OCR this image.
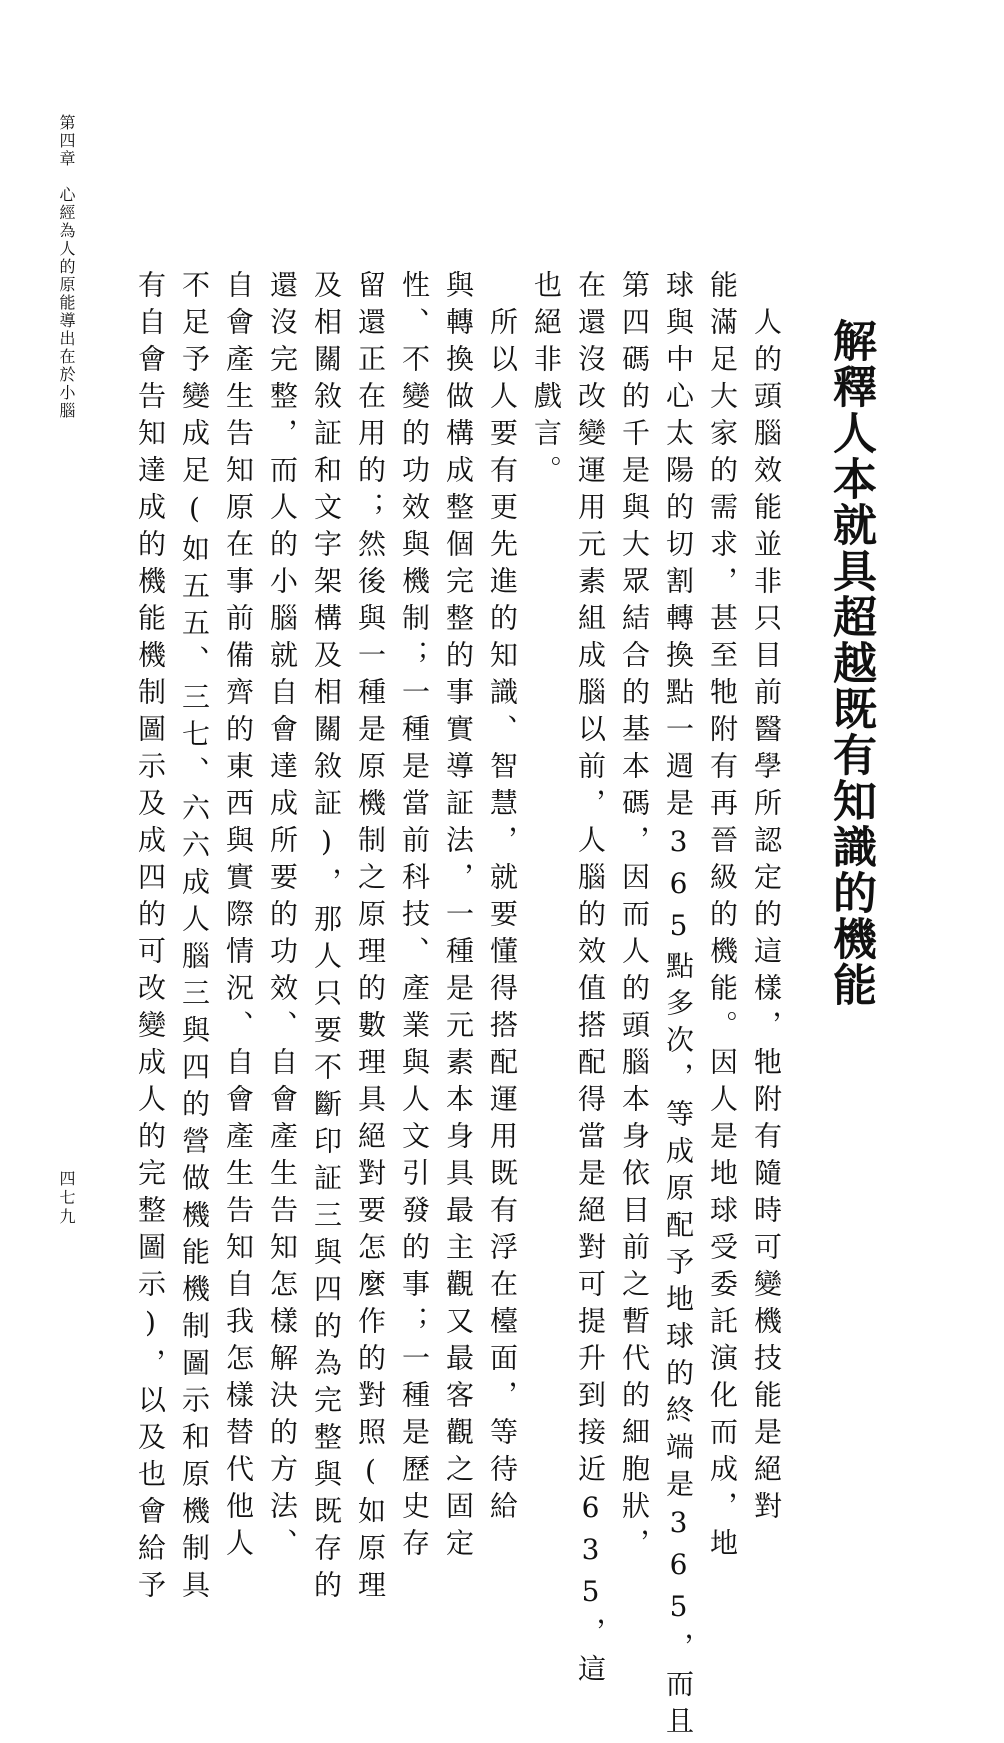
解釋人本就具超越既有知識的機能
　人的頭腦效能並非只目前醫學所認定的這樣，牠附有隨時可變機技能是絕對
能滿足大家的需求，甚至牠附有再晉級的機能。因人是地球受委託演化而成，地
球與中心太陽的切割轉換點一週是365點多次，等成原配予地球的終端是365，而且
第四碼的千是與大眾結合的基本碼，因而人的頭腦本身依目前之暫代的細胞狀，
在還沒改變運用元素組成腦以前，人腦的效值搭配得當是絕對可提升到接近635，這
也絕非戲言。
　所以人要有更先進的知識、智慧，就要懂得搭配運用既有浮在檯面，等待給
與轉換做構成整個完整的事實導証法，一種是元素本身具最主觀又最客觀之固定
性、不變的功效與機制；一種是當前科技、產業與人文引發的事；一種是歷史存
留還正在用的；然後與一種是原機制之原理的數理具絕對要怎麼作的對照(如原理
及相關敘証和文字架構及相關敘証)，那人只要不斷印証三與四的為完整與既存的
還沒完整，而人的小腦就自會達成所要的功效、自會產生告知怎樣解決的方法、
自會產生告知原在事前備齊的東西與實際情況、自會產生告知自我怎樣替代他人
不足予變成足(如五五、三七、六六成人腦三與四的營做機能機制圖示和原機制具
有自會告知達成的機能機制圖示及成四的可改變成人的完整圖示)，以及也會給予
第四章　心經為人的原能導出在於小腦
四七九
